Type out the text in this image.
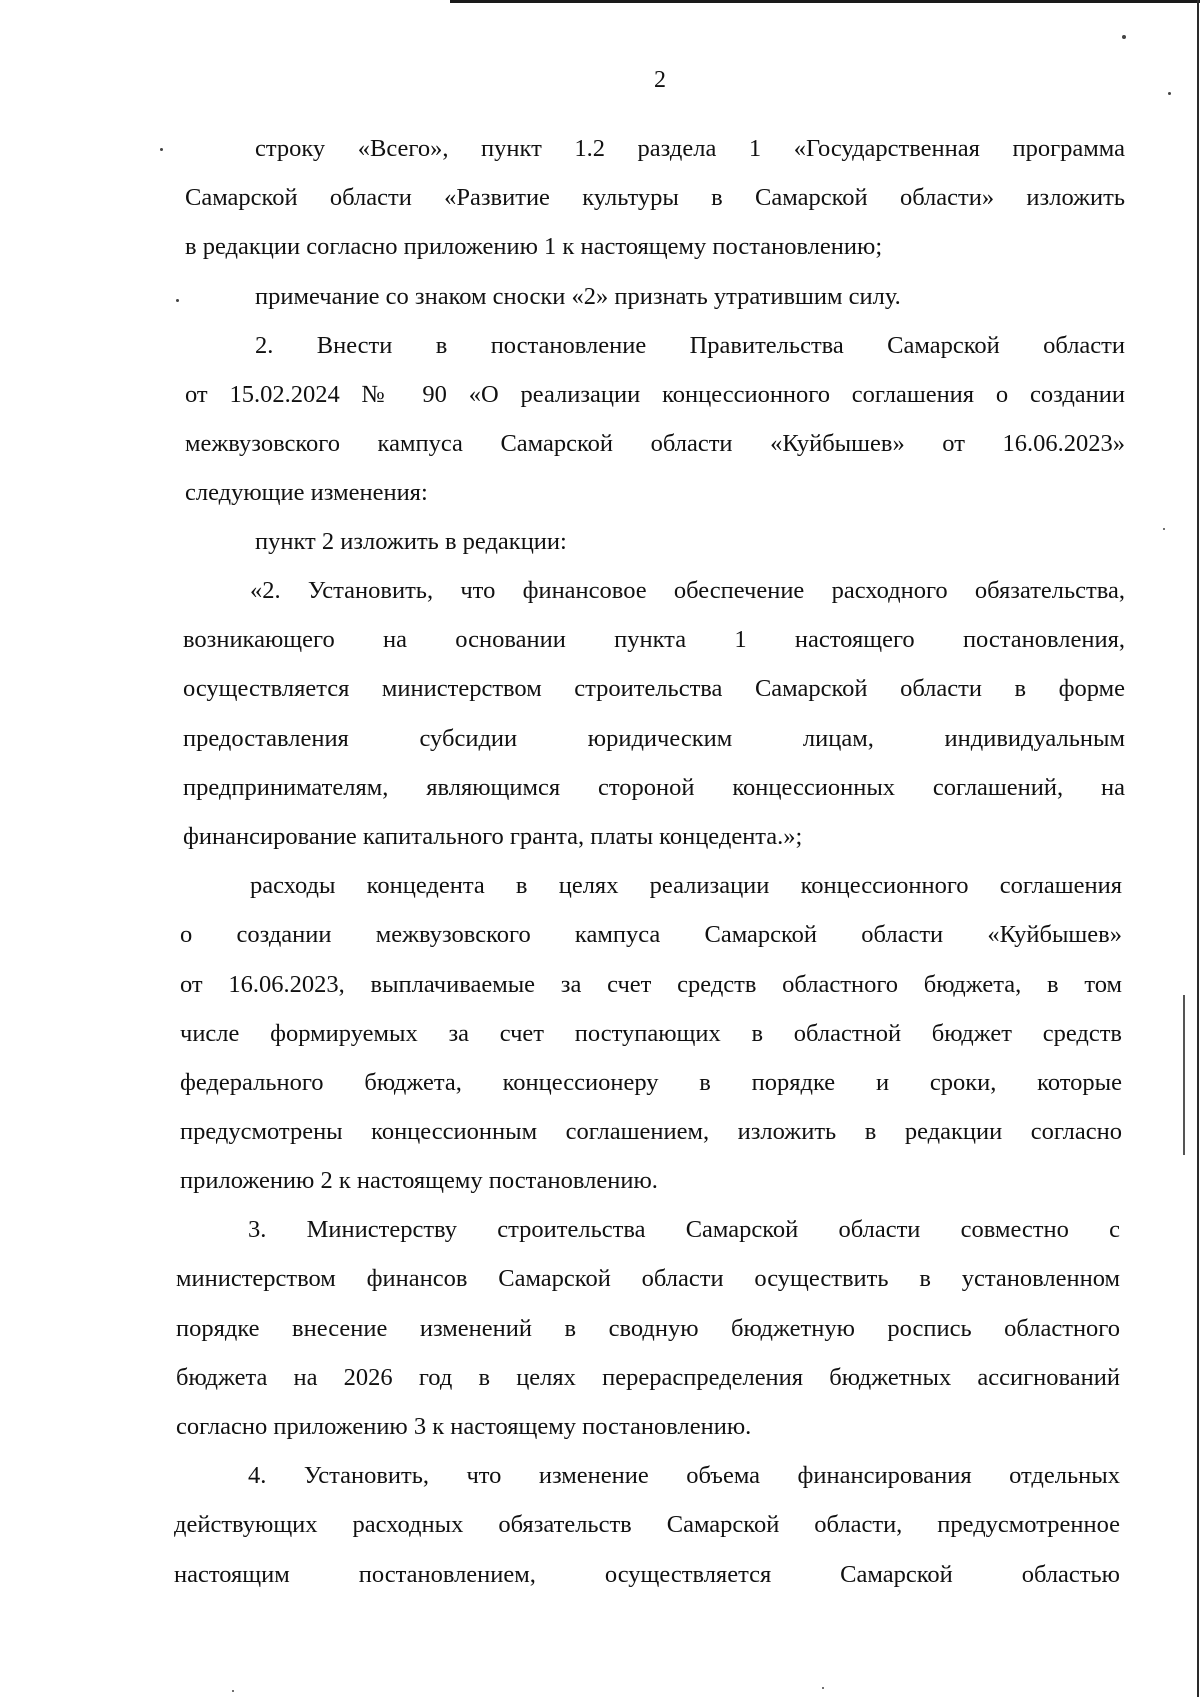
2
строку «Всего», пункт 1.2 раздела 1 «Государственная программа
Самарской области «Развитие культуры в Самарской области» изложить
в редакции согласно приложению 1 к настоящему постановлению;
примечание со знаком сноски «2» признать утратившим силу.
2. Внести в постановление Правительства Самарской области
от 15.02.2024 № 90 «О реализации концессионного соглашения о создании
межвузовского кампуса Самарской области «Куйбышев» от 16.06.2023»
следующие изменения:
пункт 2 изложить в редакции:
«2. Установить, что финансовое обеспечение расходного обязательства,
возникающего на основании пункта 1 настоящего постановления,
осуществляется министерством строительства Самарской области в форме
предоставления субсидии юридическим лицам, индивидуальным
предпринимателям, являющимся стороной концессионных соглашений, на
финансирование капитального гранта, платы концедента.»;
расходы концедента в целях реализации концессионного соглашения
о создании межвузовского кампуса Самарской области «Куйбышев»
от 16.06.2023, выплачиваемые за счет средств областного бюджета, в том
числе формируемых за счет поступающих в областной бюджет средств
федерального бюджета, концессионеру в порядке и сроки, которые
предусмотрены концессионным соглашением, изложить в редакции согласно
приложению 2 к настоящему постановлению.
3. Министерству строительства Самарской области совместно с
министерством финансов Самарской области осуществить в установленном
порядке внесение изменений в сводную бюджетную роспись областного
бюджета на 2026 год в целях перераспределения бюджетных ассигнований
согласно приложению 3 к настоящему постановлению.
4. Установить, что изменение объема финансирования отдельных
действующих расходных обязательств Самарской области, предусмотренное
настоящим постановлением, осуществляется Самарской областью
